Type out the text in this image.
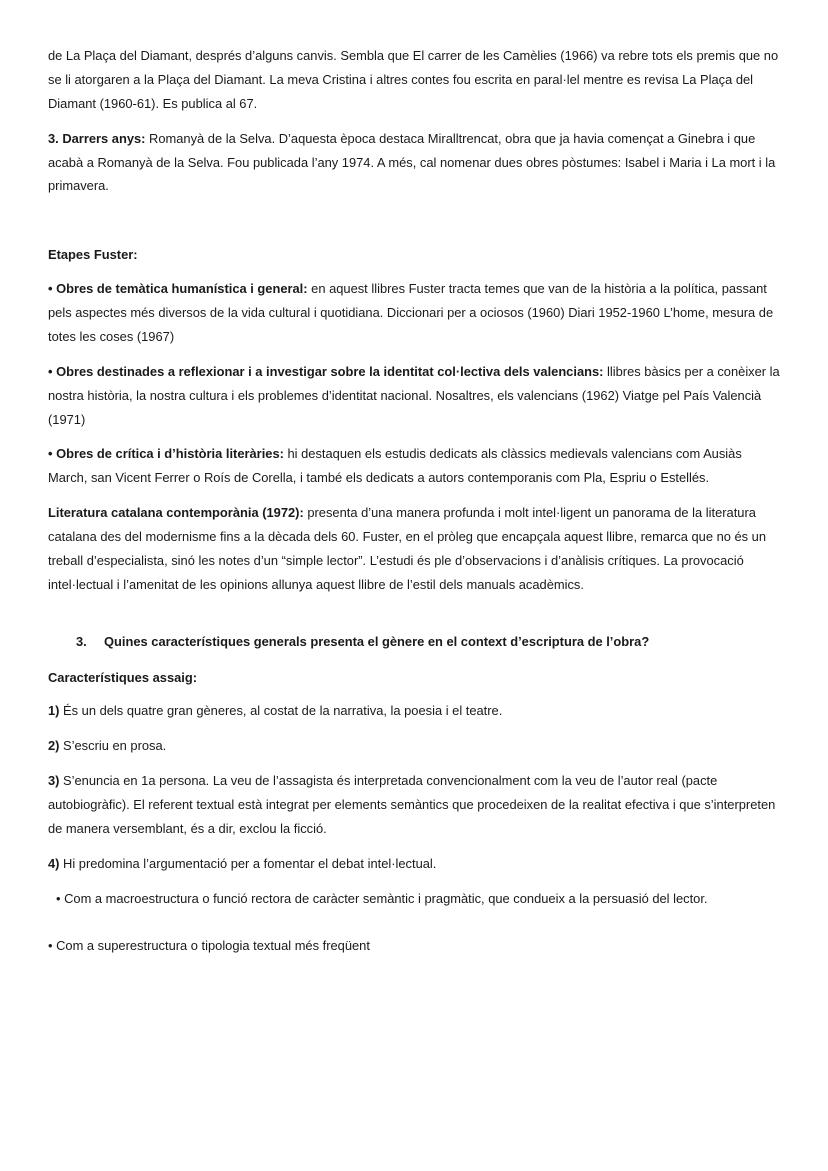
de La Plaça del Diamant, després d’alguns canvis. Sembla que El carrer de les Camèlies (1966) va rebre tots els premis que no se li atorgaren a la Plaça del Diamant. La meva Cristina i altres contes fou escrita en paral·lel mentre es revisa La Plaça del Diamant (1960-61). Es publica al 67.

3. Darrers anys: Romanyà de la Selva. D’aquesta època destaca Miralltrencat, obra que ja havia començat a Ginebra i que acabà a Romanyà de la Selva. Fou publicada l’any 1974. A més, cal nomenar dues obres pòstumes: Isabel i Maria i La mort i la primavera.

Etapes Fuster:

• Obres de temàtica humanística i general: en aquest llibres Fuster tracta temes que van de la història a la política, passant pels aspectes més diversos de la vida cultural i quotidiana. Diccionari per a ociosos (1960) Diari 1952-1960 L’home, mesura de totes les coses (1967)

• Obres destinades a reflexionar i a investigar sobre la identitat col·lectiva dels valencians: llibres bàsics per a conèixer la nostra història, la nostra cultura i els problemes d’identitat nacional. Nosaltres, els valencians (1962) Viatge pel País Valencià (1971)

• Obres de crítica i d’història literàries: hi destaquen els estudis dedicats als clàssics medievals valencians com Ausiàs March, san Vicent Ferrer o Roís de Corella, i també els dedicats a autors contemporanis com Pla, Espriu o Estellés.

Literatura catalana contemporània (1972): presenta d’una manera profunda i molt intel·ligent un panorama de la literatura catalana des del modernisme fins a la dècada dels 60. Fuster, en el pròleg que encapçala aquest llibre, remarca que no és un treball d’especialista, sinó les notes d’un “simple lector”. L’estudi és ple d’observacions i d’anàlisis crítiques. La provocació intel·lectual i l’amenitat de les opinions allunya aquest llibre de l’estil dels manuals acadèmics.

3. Quines característiques generals presenta el gènere en el context d’escriptura de l’obra?

Característiques assaig:

1) És un dels quatre gran gèneres, al costat de la narrativa, la poesia i el teatre.

2) S’escriu en prosa.

3) S’enuncia en 1a persona. La veu de l’assagista és interpretada convencionalment com la veu de l’autor real (pacte autobiogràfic). El referent textual està integrat per elements semàntics que procedeixen de la realitat efectiva i que s’interpreten de manera versemblant, és a dir, exclou la ficció.

4) Hi predomina l’argumentació per a fomentar el debat intel·lectual.

• Com a macroestructura o funció rectora de caràcter semàntic i pragmàtic, que condueix a la persuasió del lector.

• Com a superestructura o tipologia textual més freqüent
